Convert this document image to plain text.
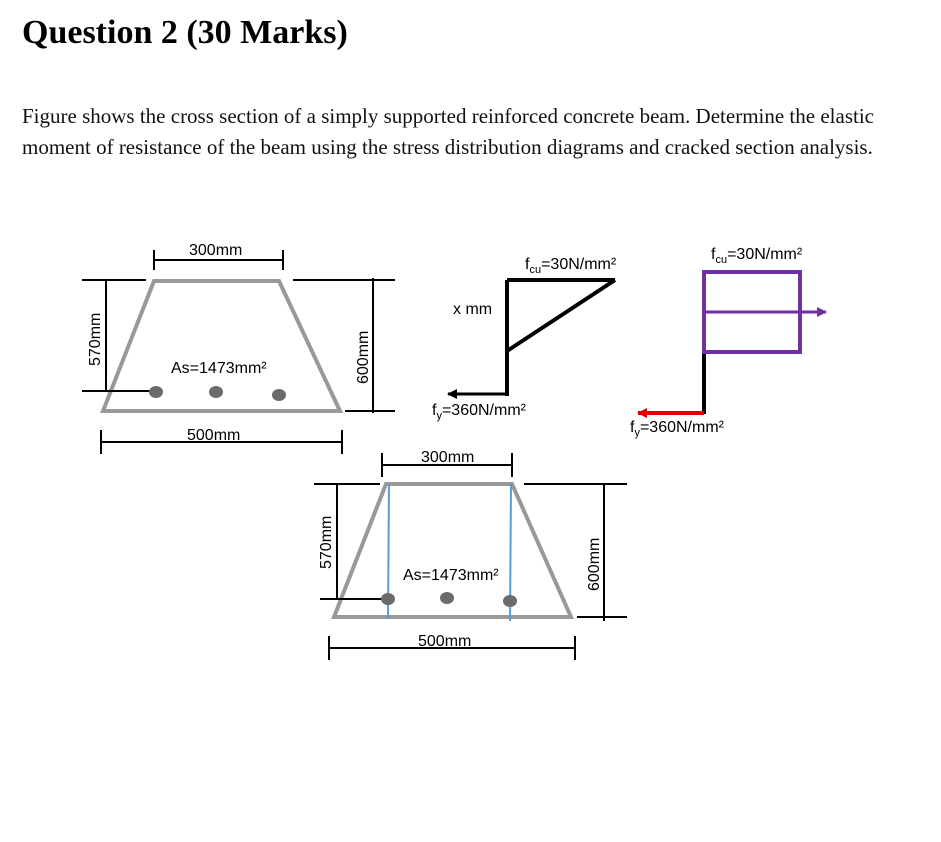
Question 2 (30 Marks)

Figure shows the cross section of a simply supported reinforced concrete beam. Determine the elastic moment of resistance of the beam using the stress distribution diagrams and cracked section analysis.

300mm
500mm
570mm	600mm
As=1473mm²
x mm
$f_{cu}=30N$/mm²
$f_y=360N$/mm²
$f_{cu}=30N$/mm²
$f_y=360N$/mm²
300mm
500mm
570mm	600mm
As=1473mm²
